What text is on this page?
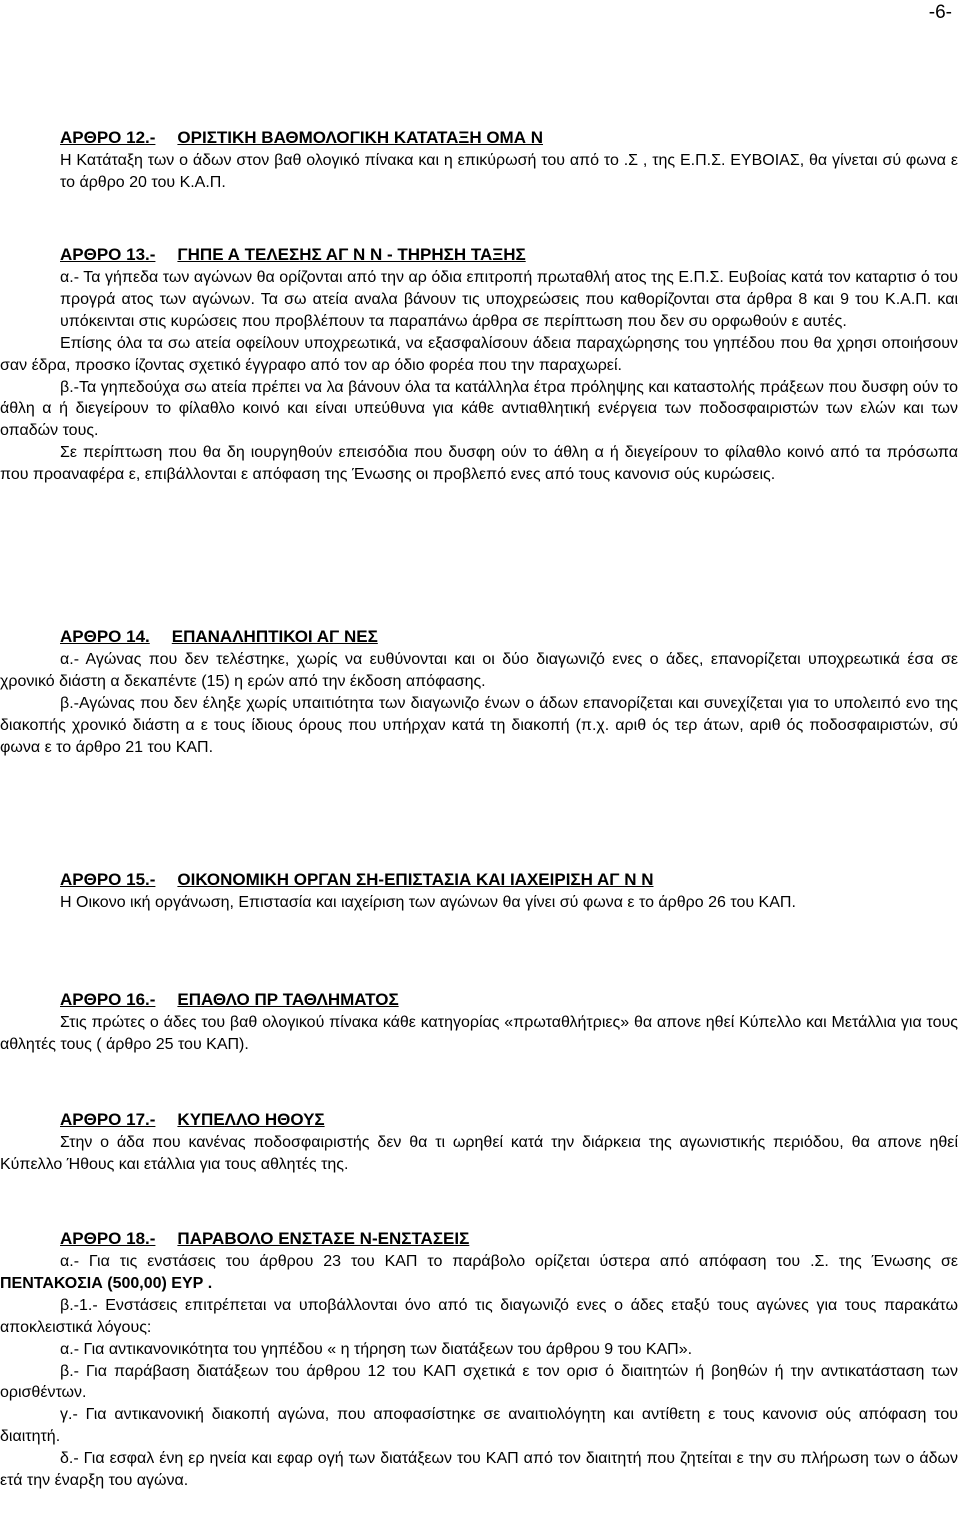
-6-
ΑΡΘΡΟ 12.- ΟΡΙΣΤΙΚΗ ΒΑΘΜΟΛΟΓΙΚΗ ΚΑΤΑΤΑΞΗ ΟΜΑ Ν

Η Κατάταξη των ο άδων στον βαθ ολογικό πίνακα και η επικύρωσή του από το .Σ , της Ε.Π.Σ. ΕΥΒΟΙΑΣ, θα γίνεται σύ φωνα ε το άρθρο 20 του Κ.Α.Π.

ΑΡΘΡΟ 13.- ΓΗΠΕ Α ΤΕΛΕΣΗΣ ΑΓ Ν Ν - ΤΗΡΗΣΗ ΤΑΞΗΣ

α.- Τα γήπεδα των αγώνων θα ορίζονται από την αρ όδια επιτροπή πρωταθλή ατος της Ε.Π.Σ. Ευβοίας κατά τον καταρτισ ό του προγρά ατος των αγώνων. Τα σω ατεία αναλα βάνουν τις υποχρεώσεις που καθορίζονται στα άρθρα 8 και 9 του Κ.Α.Π. και υπόκεινται στις κυρώσεις που προβλέπουν τα παραπάνω άρθρα σε περίπτωση που δεν συ ορφωθούν ε αυτές.

Επίσης όλα τα σω ατεία οφείλουν υποχρεωτικά, να εξασφαλίσουν άδεια παραχώρησης του γηπέδου που θα χρησι οποιήσουν σαν έδρα, προσκο ίζοντας σχετικό έγγραφο από τον αρ όδιο φορέα που την παραχωρεί.

β.-Τα γηπεδούχα σω ατεία πρέπει να λα βάνουν όλα τα κατάλληλα έτρα πρόληψης και καταστολής πράξεων που δυσφη ούν το άθλη α ή διεγείρουν το φίλαθλο κοινό και είναι υπεύθυνα για κάθε αντιαθλητική ενέργεια των ποδοσφαιριστών των ελών και των οπαδών τους.

Σε περίπτωση που θα δη ιουργηθούν επεισόδια που δυσφη ούν το άθλη α ή διεγείρουν το φίλαθλο κοινό από τα πρόσωπα που προαναφέρα ε, επιβάλλονται ε απόφαση της Ένωσης οι προβλεπό ενες από τους κανονισ ούς κυρώσεις.

ΑΡΘΡΟ 14. ΕΠΑΝΑΛΗΠΤΙΚΟΙ ΑΓ ΝΕΣ

α.- Αγώνας που δεν τελέστηκε, χωρίς να ευθύνονται και οι δύο διαγωνιζό ενες ο άδες, επανορίζεται υποχρεωτικά έσα σε χρονικό διάστη α δεκαπέντε (15) η ερών από την έκδοση απόφασης.

β.-Αγώνας που δεν έληξε χωρίς υπαιτιότητα των διαγωνιζο ένων ο άδων επανορίζεται και συνεχίζεται για το υπολειπό ενο της διακοπής χρονικό διάστη α ε τους ίδιους όρους που υπήρχαν κατά τη διακοπή (π.χ. αριθ ός τερ άτων, αριθ ός ποδοσφαιριστών, σύ φωνα ε το άρθρο 21 του ΚΑΠ.

ΑΡΘΡΟ 15.- ΟΙΚΟΝΟΜΙΚΗ ΟΡΓΑΝ ΣΗ-ΕΠΙΣΤΑΣΙΑ ΚΑΙ ΙΑΧΕΙΡΙΣΗ ΑΓ Ν Ν

Η Οικονο ική οργάνωση, Επιστασία και ιαχείριση των αγώνων θα γίνει σύ φωνα ε το άρθρο 26 του ΚΑΠ.

ΑΡΘΡΟ 16.- ΕΠΑΘΛΟ ΠΡ ΤΑΘΛΗΜΑΤΟΣ

Στις πρώτες ο άδες του βαθ ολογικού πίνακα κάθε κατηγορίας «πρωταθλήτριες» θα απονε ηθεί Κύπελλο και Μετάλλια για τους αθλητές τους ( άρθρο 25 του ΚΑΠ).

ΑΡΘΡΟ 17.- ΚΥΠΕΛΛΟ ΗΘΟΥΣ

Στην ο άδα που κανένας ποδοσφαιριστής δεν θα τι ωρηθεί κατά την διάρκεια της αγωνιστικής περιόδου, θα απονε ηθεί Κύπελλο Ήθους και ετάλλια για τους αθλητές της.

ΑΡΘΡΟ 18.- ΠΑΡΑΒΟΛΟ ΕΝΣΤΑΣΕ Ν-ΕΝΣΤΑΣΕΙΣ

α.- Για τις ενστάσεις του άρθρου 23 του ΚΑΠ το παράβολο ορίζεται ύστερα από απόφαση του .Σ. της Ένωσης σε ΠΕΝΤΑΚΟΣΙΑ (500,00) ΕΥΡ .

β.-1.- Ενστάσεις επιτρέπεται να υποβάλλονται όνο από τις διαγωνιζό ενες ο άδες εταξύ τους αγώνες για τους παρακάτω αποκλειστικά λόγους:

α.- Για αντικανονικότητα του γηπέδου « η τήρηση των διατάξεων του άρθρου 9 του ΚΑΠ».

β.- Για παράβαση διατάξεων του άρθρου 12 του ΚΑΠ σχετικά ε τον ορισ ό διαιτητών ή βοηθών ή την αντικατάσταση των ορισθέντων.

γ.- Για αντικανονική διακοπή αγώνα, που αποφασίστηκε σε αναιτιολόγητη και αντίθετη ε τους κανονισ ούς απόφαση του διαιτητή.

δ.- Για εσφαλ ένη ερ ηνεία και εφαρ ογή των διατάξεων του ΚΑΠ από τον διαιτητή που ζητείται ε την συ πλήρωση των ο άδων ετά την έναρξη του αγώνα.
